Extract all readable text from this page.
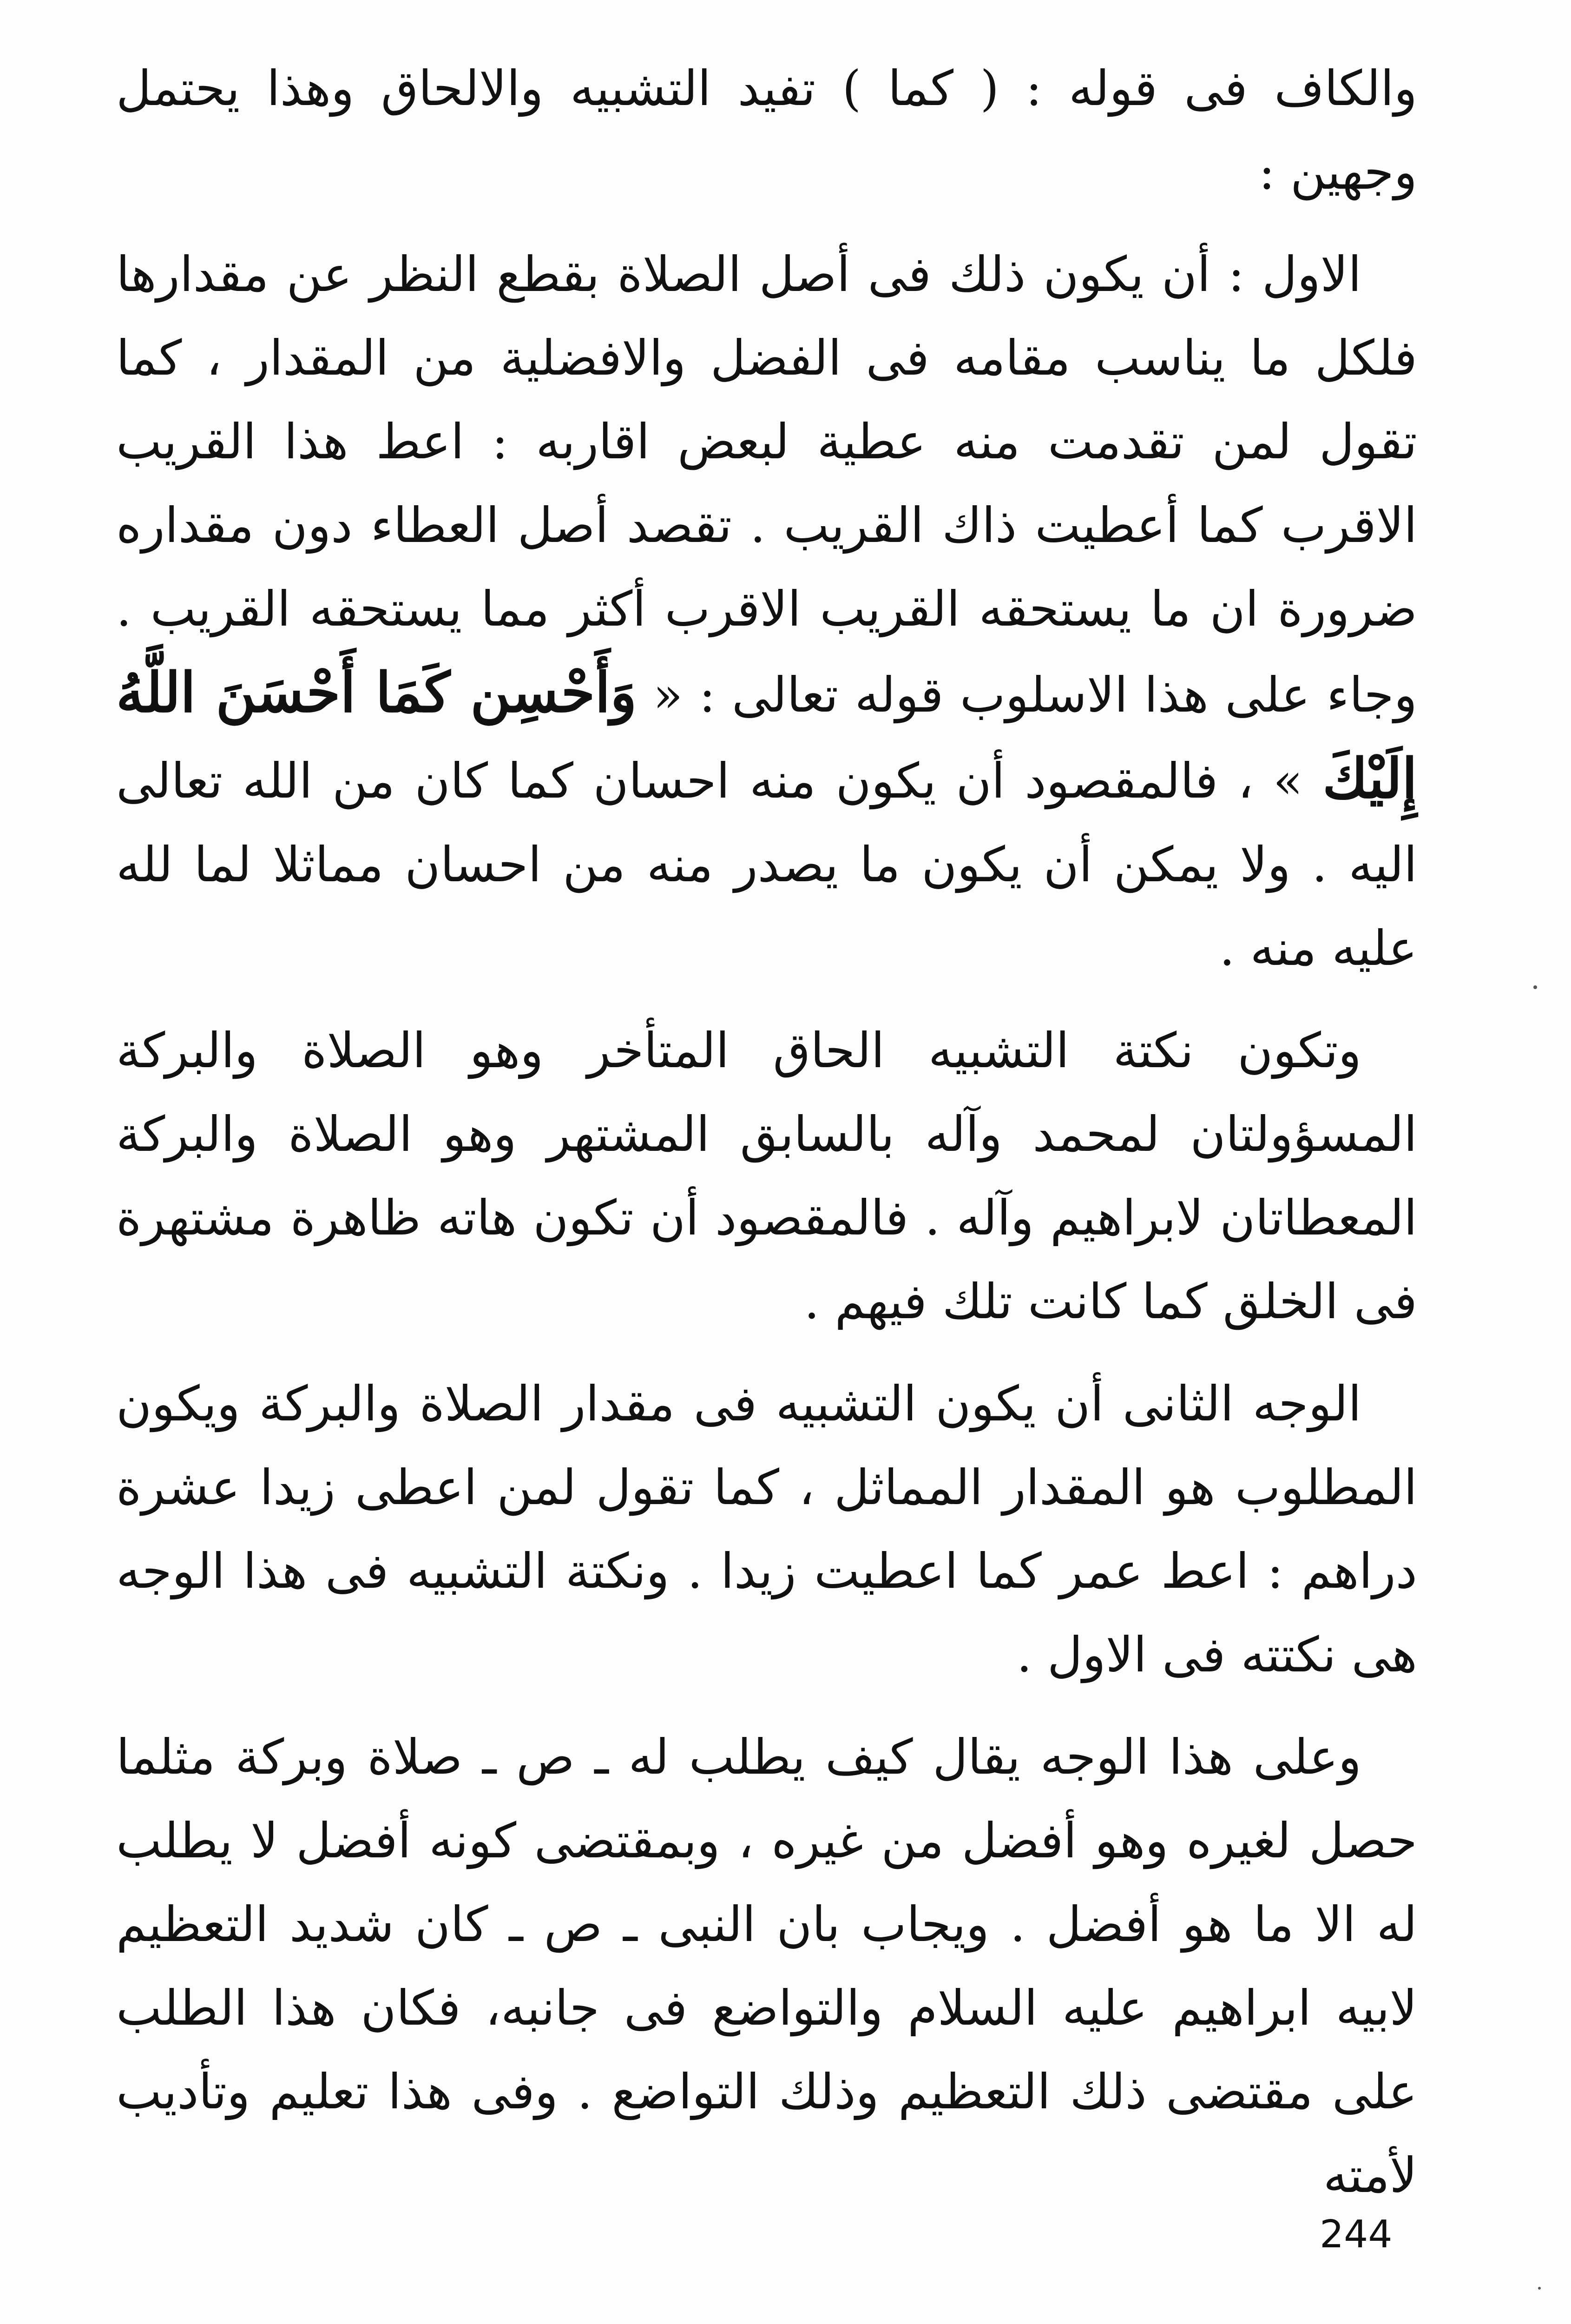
والكاف فى قوله : ( كما ) تفيد التشبيه والالحاق وهذا يحتمل وجهين :

الاول : أن يكون ذلك فى أصل الصلاة بقطع النظر عن مقدارها فلكل ما يناسب مقامه فى الفضل والافضلية من المقدار ، كما تقول لمن تقدمت منه عطية لبعض اقاربه : اعط هذا القريب الاقرب كما أعطيت ذاك القريب . تقصد أصل العطاء دون مقداره ضرورة ان ما يستحقه القريب الاقرب أكثر مما يستحقه القريب . وجاء على هذا الاسلوب قوله تعالى : « وَأَحْسِن كَمَا أَحْسَنَ اللَّهُ إِلَيْكَ » ، فالمقصود أن يكون منه احسان كما كان من الله تعالى اليه . ولا يمكن أن يكون ما يصدر منه من احسان مماثلا لما لله عليه منه .

وتكون نكتة التشبيه الحاق المتأخر وهو الصلاة والبركة المسؤولتان لمحمد وآله بالسابق المشتهر وهو الصلاة والبركة المعطاتان لابراهيم وآله . فالمقصود أن تكون هاته ظاهرة مشتهرة فى الخلق كما كانت تلك فيهم .

الوجه الثانى أن يكون التشبيه فى مقدار الصلاة والبركة ويكون المطلوب هو المقدار المماثل ، كما تقول لمن اعطى زيدا عشرة دراهم : اعط عمر كما اعطيت زيدا . ونكتة التشبيه فى هذا الوجه هى نكتته فى الاول .

وعلى هذا الوجه يقال كيف يطلب له ـ ص ـ صلاة وبركة مثلما حصل لغيره وهو أفضل من غيره ، وبمقتضى كونه أفضل لا يطلب له الا ما هو أفضل . ويجاب بان النبى ـ ص ـ كان شديد التعظيم لابيه ابراهيم عليه السلام والتواضع فى جانبه، فكان هذا الطلب على مقتضى ذلك التعظيم وذلك التواضع . وفى هذا تعليم وتأديب لأمته

244
